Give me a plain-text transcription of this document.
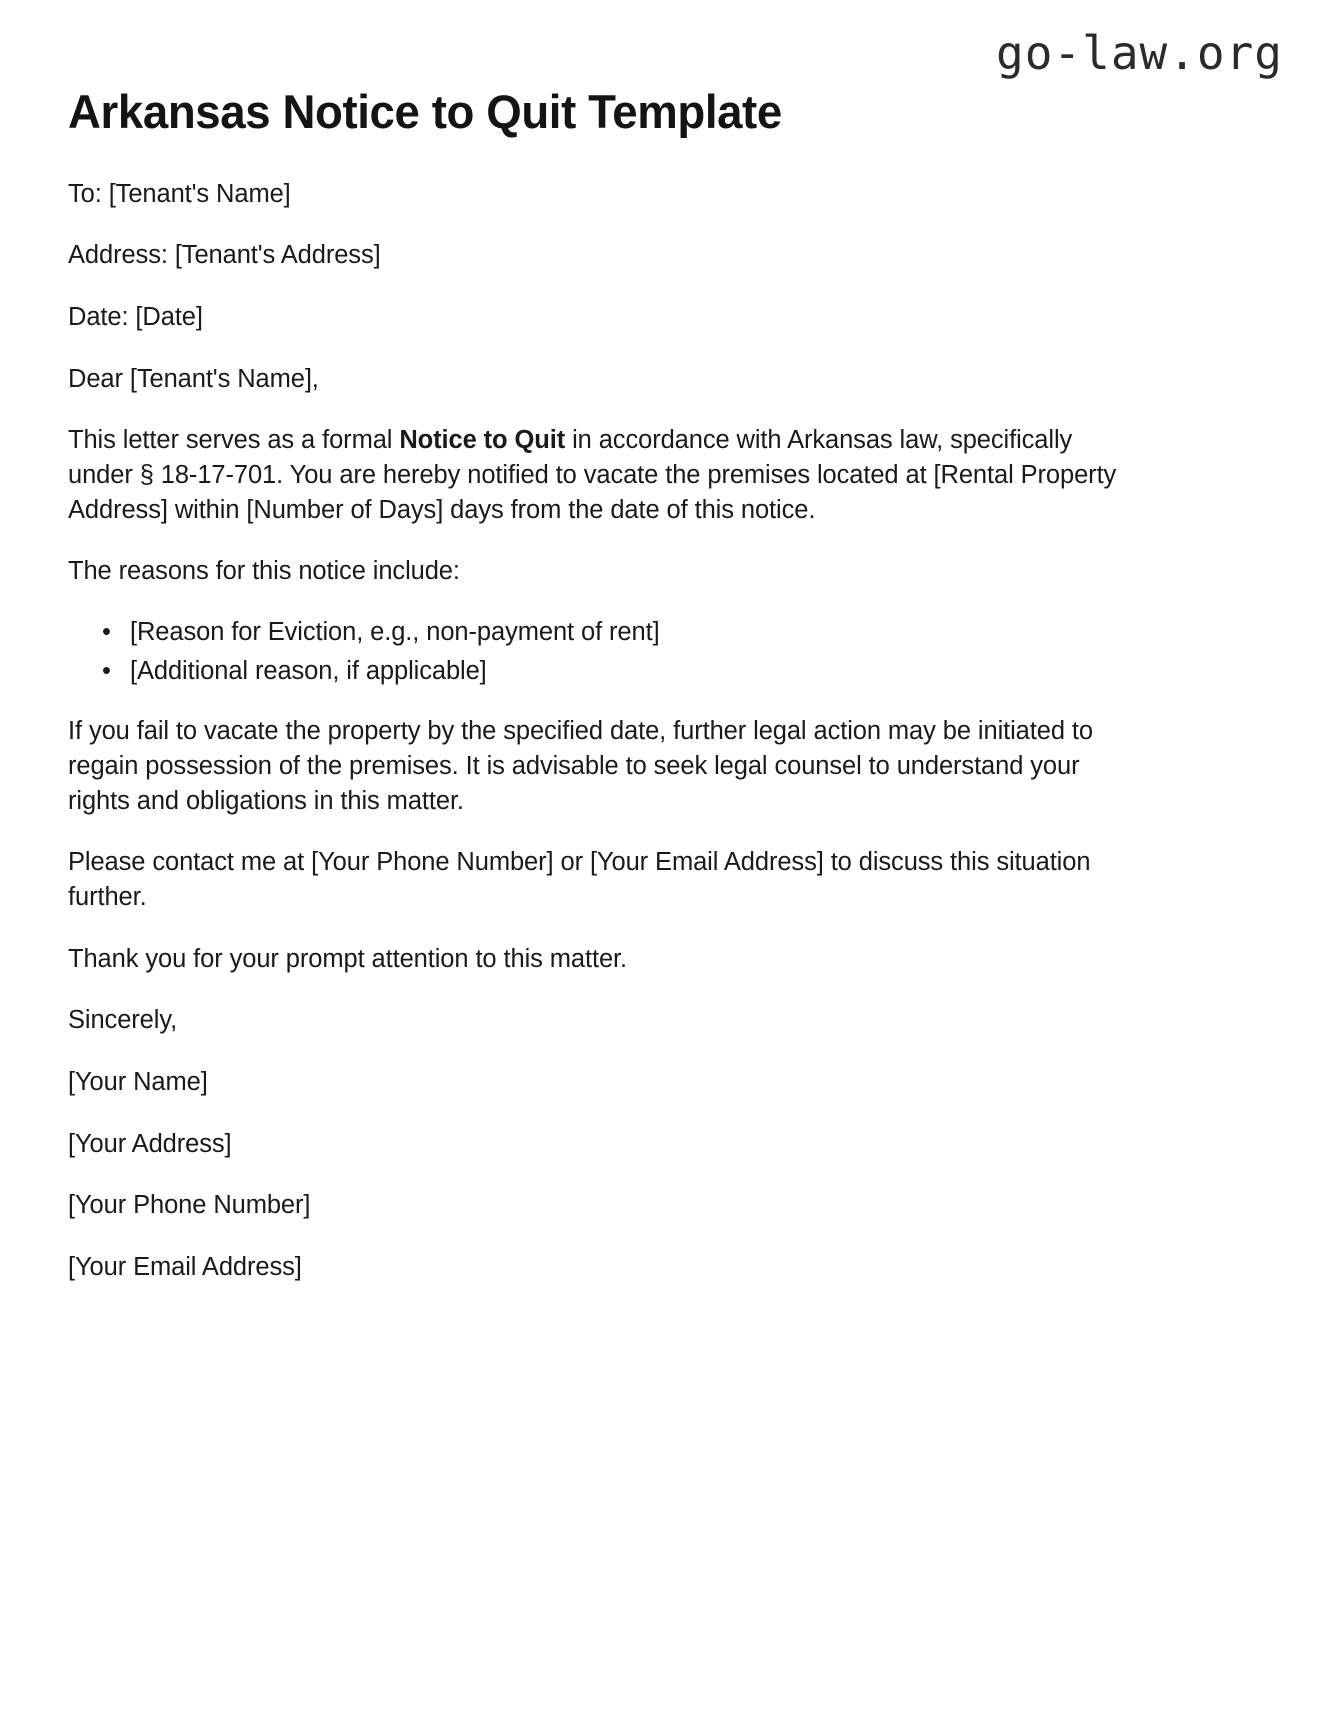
go-law.org
Arkansas Notice to Quit Template

To: [Tenant's Name]

Address: [Tenant's Address]

Date: [Date]

Dear [Tenant's Name],

This letter serves as a formal Notice to Quit in accordance with Arkansas law, specifically under § 18-17-701. You are hereby notified to vacate the premises located at [Rental Property Address] within [Number of Days] days from the date of this notice.

The reasons for this notice include:

• [Reason for Eviction, e.g., non-payment of rent]
• [Additional reason, if applicable]

If you fail to vacate the property by the specified date, further legal action may be initiated to regain possession of the premises. It is advisable to seek legal counsel to understand your rights and obligations in this matter.

Please contact me at [Your Phone Number] or [Your Email Address] to discuss this situation further.

Thank you for your prompt attention to this matter.

Sincerely,

[Your Name]

[Your Address]

[Your Phone Number]

[Your Email Address]
